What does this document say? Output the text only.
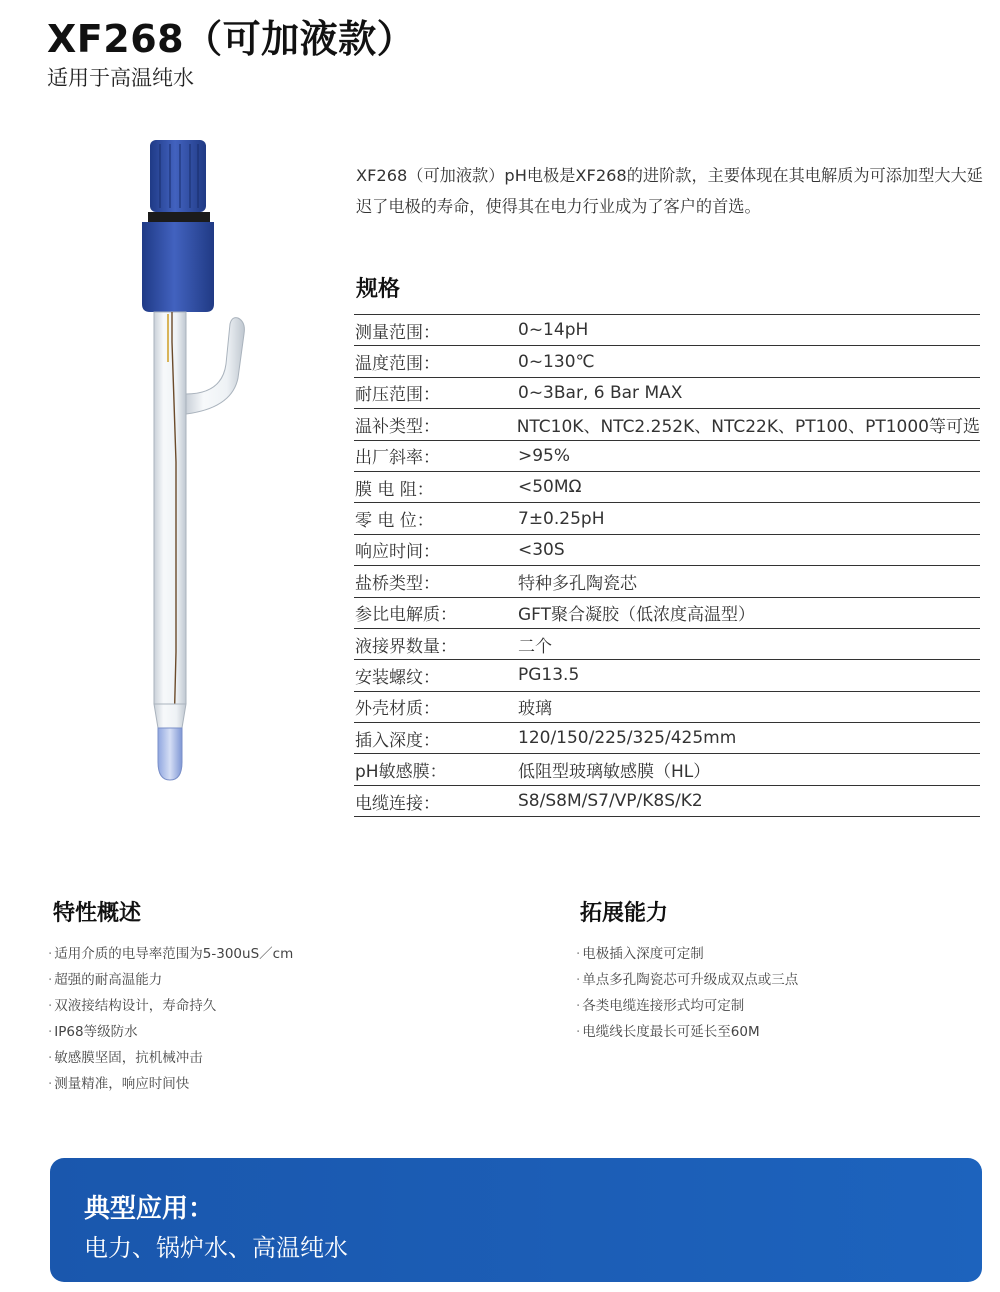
XF268（可加液款）
适用于高温纯水
XF268（可加液款）pH电极是XF268的进阶款，主要体现在其电解质为可添加型大大延迟了电极的寿命，使得其在电力行业成为了客户的首选。
规格
测量范围：	0~14pH
温度范围：	0~130℃
耐压范围：	0~3Bar, 6 Bar MAX
温补类型：	NTC10K、NTC2.252K、NTC22K、PT100、PT1000等可选
出厂斜率：	>95%
膜 电 阻：	<50MΩ
零 电 位：	7±0.25pH
响应时间：	<30S
盐桥类型：	特种多孔陶瓷芯
参比电解质：	GFT聚合凝胶（低浓度高温型）
液接界数量：	二个
安装螺纹：	PG13.5
外壳材质：	玻璃
插入深度：	120/150/225/325/425mm
pH敏感膜：	低阻型玻璃敏感膜（HL）
电缆连接：	S8/S8M/S7/VP/K8S/K2
特性概述
· 适用介质的电导率范围为5-300uS／cm
· 超强的耐高温能力
· 双液接结构设计，寿命持久
· IP68等级防水
· 敏感膜坚固，抗机械冲击
· 测量精准，响应时间快
拓展能力
· 电极插入深度可定制
· 单点多孔陶瓷芯可升级成双点或三点
· 各类电缆连接形式均可定制
· 电缆线长度最长可延长至60M
典型应用：
电力、锅炉水、高温纯水
